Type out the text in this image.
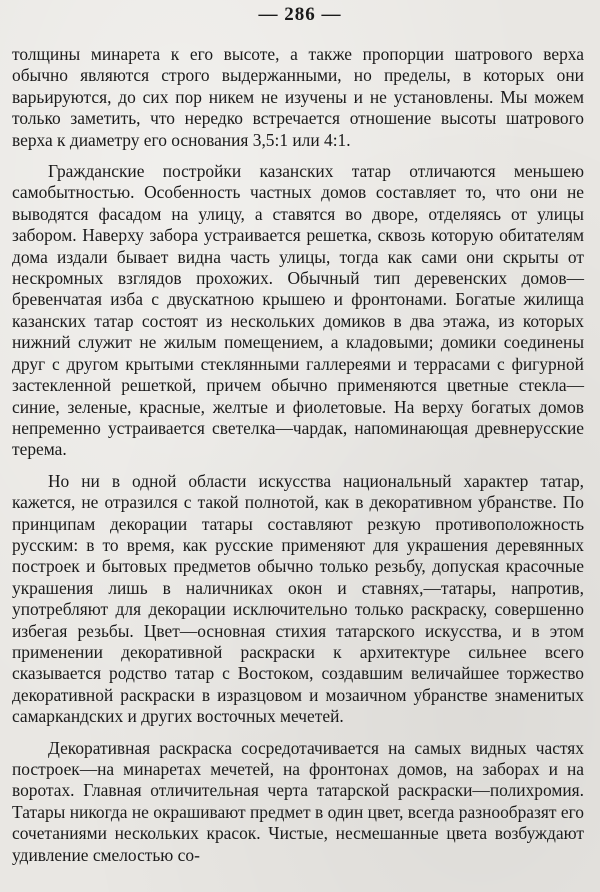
— 286 —

толщины минарета к его высоте, а также пропорции шатрового верха обычно являются строго выдержанными, но пределы, в которых они варьируются, до сих пор никем не изучены и не установлены. Мы можем только заметить, что нередко встречается отношение высоты шатрового верха к диаметру его основания 3,5:1 или 4:1.

Гражданские постройки казанских татар отличаются меньшею самобытностью. Особенность частных домов составляет то, что они не выводятся фасадом на улицу, а ставятся во дворе, отделяясь от улицы забором. Наверху забора устраивается решетка, сквозь которую обитателям дома издали бывает видна часть улицы, тогда как сами они скрыты от нескромных взглядов прохожих. Обычный тип деревенских домов—бревенчатая изба с двускатною крышею и фронтонами. Богатые жилища казанских татар состоят из нескольких домиков в два этажа, из которых нижний служит не жилым помещением, а кладовыми; домики соединены друг с другом крытыми стеклянными галлереями и террасами с фигурной застекленной решеткой, причем обычно применяются цветные стекла—синие, зеленые, красные, желтые и фиолетовые. На верху богатых домов непременно устраивается светелка—чардак, напоминающая древнерусские терема.

Но ни в одной области искусства национальный характер татар, кажется, не отразился с такой полнотой, как в декоративном убранстве. По принципам декорации татары составляют резкую противоположность русским: в то время, как русские применяют для украшения деревянных построек и бытовых предметов обычно только резьбу, допуская красочные украшения лишь в наличниках окон и ставнях,—татары, напротив, употребляют для декорации исключительно только раскраску, совершенно избегая резьбы. Цвет—основная стихия татарского искусства, и в этом применении декоративной раскраски к архитектуре сильнее всего сказывается родство татар с Востоком, создавшим величайшее торжество декоративной раскраски в изразцовом и мозаичном убранстве знаменитых самаркандских и других восточных мечетей.

Декоративная раскраска сосредотачивается на самых видных частях построек—на минаретах мечетей, на фронтонах домов, на заборах и на воротах. Главная отличительная черта татарской раскраски—полихромия. Татары никогда не окрашивают предмет в один цвет, всегда разнообразят его сочетаниями нескольких красок. Чистые, несмешанные цвета возбуждают удивление смелостью со-
